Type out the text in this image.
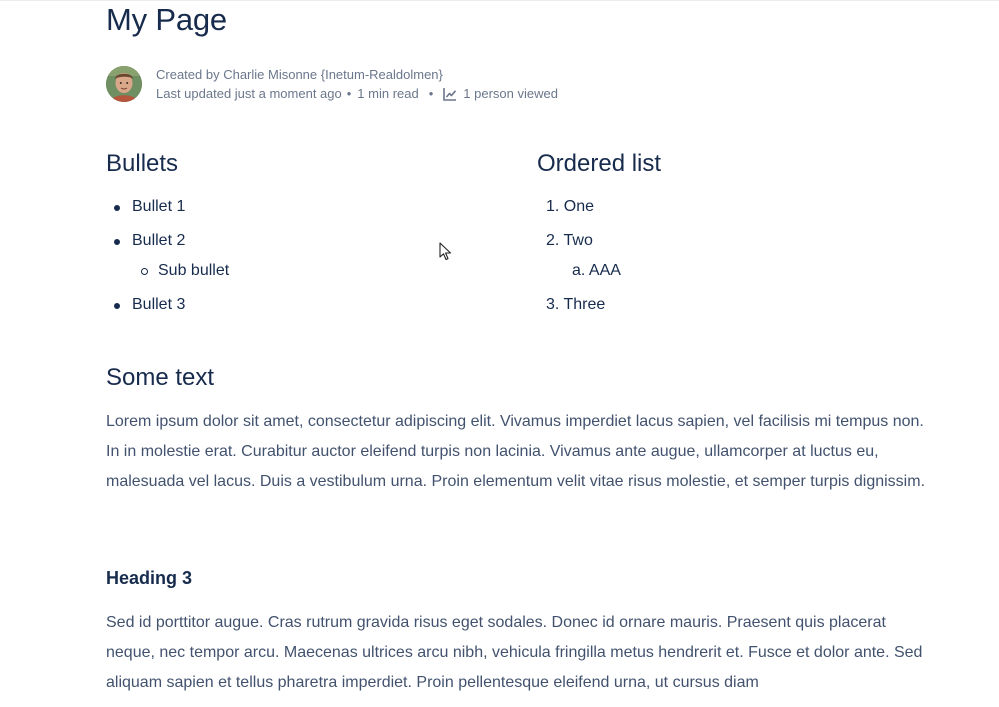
My Page
Created by Charlie Misonne {Inetum-Realdolmen}
Last updated just a moment ago • 1 min read • 1 person viewed
Bullets
Bullet 1
Bullet 2
Sub bullet
Bullet 3
Ordered list
1. One
2. Two
a. AAA
3. Three
Some text

Lorem ipsum dolor sit amet, consectetur adipiscing elit. Vivamus imperdiet lacus sapien, vel facilisis mi tempus non. In in molestie erat. Curabitur auctor eleifend turpis non lacinia. Vivamus ante augue, ullamcorper at luctus eu, malesuada vel lacus. Duis a vestibulum urna. Proin elementum velit vitae risus molestie, et semper turpis dignissim.

Heading 3

Sed id porttitor augue. Cras rutrum gravida risus eget sodales. Donec id ornare mauris. Praesent quis placerat neque, nec tempor arcu. Maecenas ultrices arcu nibh, vehicula fringilla metus hendrerit et. Fusce et dolor ante. Sed aliquam sapien et tellus pharetra imperdiet. Proin pellentesque eleifend urna, ut cursus diam
